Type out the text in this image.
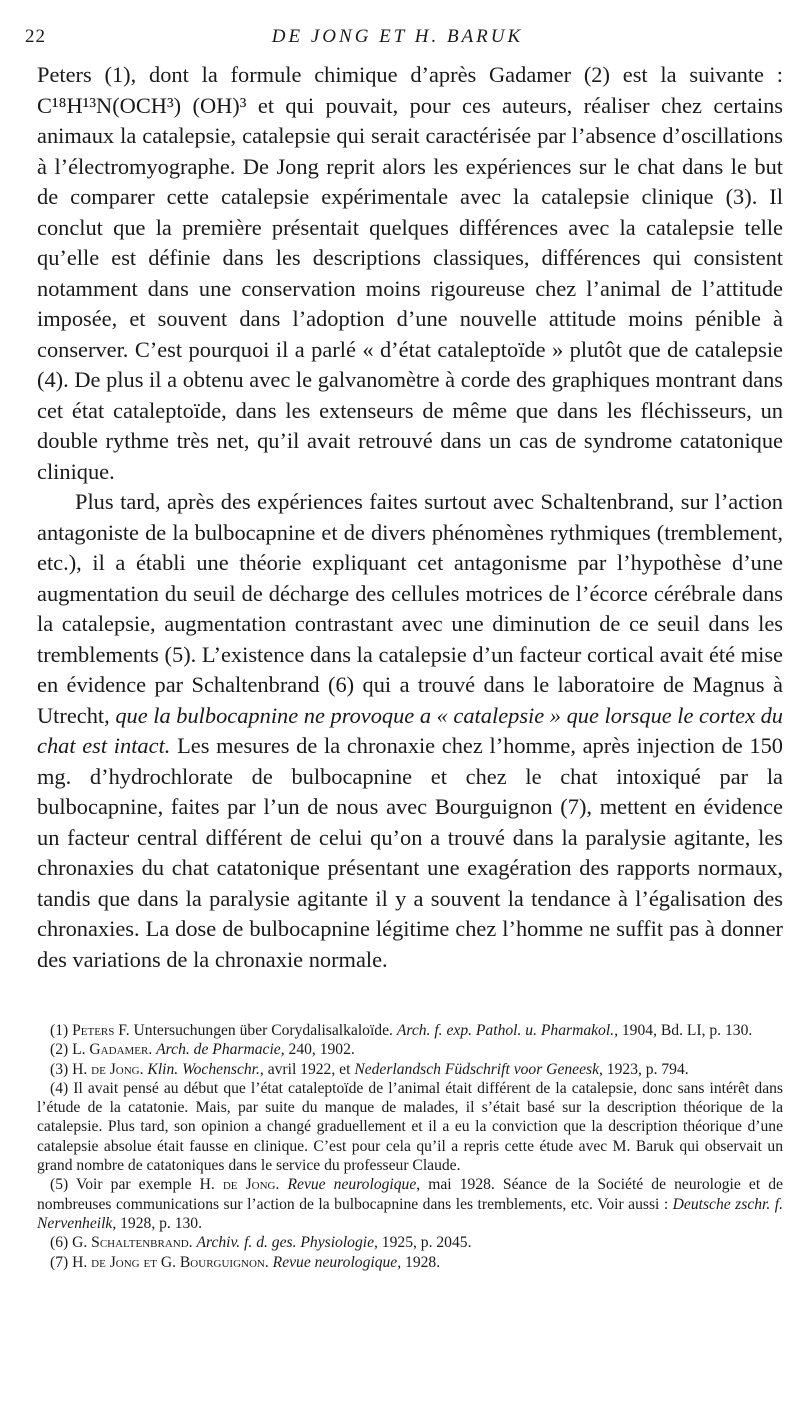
22	DE JONG ET H. BARUK

Peters (1), dont la formule chimique d’après Gadamer (2) est la suivante : C¹⁸H¹³N(OCH³) (OH)³ et qui pouvait, pour ces auteurs, réaliser chez certains animaux la catalepsie, catalepsie qui serait caractérisée par l’absence d’oscillations à l’électromyographe. De Jong reprit alors les expériences sur le chat dans le but de comparer cette catalepsie expérimentale avec la catalepsie clinique (3). Il conclut que la première présentait quelques différences avec la catalepsie telle qu’elle est définie dans les descriptions classiques, différences qui consistent notamment dans une conservation moins rigoureuse chez l’animal de l’attitude imposée, et souvent dans l’adoption d’une nouvelle attitude moins pénible à conserver. C’est pourquoi il a parlé « d’état cataleptoïde » plutôt que de catalepsie (4). De plus il a obtenu avec le galvanomètre à corde des graphiques montrant dans cet état cataleptoïde, dans les extenseurs de même que dans les fléchisseurs, un double rythme très net, qu’il avait retrouvé dans un cas de syndrome catatonique clinique.

Plus tard, après des expériences faites surtout avec Schaltenbrand, sur l’action antagoniste de la bulbocapnine et de divers phénomènes rythmiques (tremblement, etc.), il a établi une théorie expliquant cet antagonisme par l’hypothèse d’une augmentation du seuil de décharge des cellules motrices de l’écorce cérébrale dans la catalepsie, augmentation contrastant avec une diminution de ce seuil dans les tremblements (5). L’existence dans la catalepsie d’un facteur cortical avait été mise en évidence par Schaltenbrand (6) qui a trouvé dans le laboratoire de Magnus à Utrecht, que la bulbocapnine ne provoque a « catalepsie » que lorsque le cortex du chat est intact. Les mesures de la chronaxie chez l’homme, après injection de 150 mg. d’hydrochlorate de bulbocapnine et chez le chat intoxiqué par la bulbocapnine, faites par l’un de nous avec Bourguignon (7), mettent en évidence un facteur central différent de celui qu’on a trouvé dans la paralysie agitante, les chronaxies du chat catatonique présentant une exagération des rapports normaux, tandis que dans la paralysie agitante il y a souvent la tendance à l’égalisation des chronaxies. La dose de bulbocapnine légitime chez l’homme ne suffit pas à donner des variations de la chronaxie normale.

(1) Peters F. Untersuchungen über Corydalisalkaloïde. Arch. f. exp. Pathol. u. Pharmakol., 1904, Bd. LI, p. 130.

(2) L. Gadamer. Arch. de Pharmacie, 240, 1902.

(3) H. de Jong. Klin. Wochenschr., avril 1922, et Nederlandsch Füdschrift voor Geneesk, 1923, p. 794.

(4) Il avait pensé au début que l’état cataleptoïde de l’animal était différent de la catalepsie, donc sans intérêt dans l’étude de la catatonie. Mais, par suite du manque de malades, il s’était basé sur la description théorique de la catalepsie. Plus tard, son opinion a changé graduellement et il a eu la conviction que la description théorique d’une catalepsie absolue était fausse en clinique. C’est pour cela qu’il a repris cette étude avec M. Baruk qui observait un grand nombre de catatoniques dans le service du professeur Claude.

(5) Voir par exemple H. de Jong. Revue neurologique, mai 1928. Séance de la Société de neurologie et de nombreuses communications sur l’action de la bulbocapnine dans les tremblements, etc. Voir aussi : Deutsche zschr. f. Nervenheilk, 1928, p. 130.

(6) G. Schaltenbrand. Archiv. f. d. ges. Physiologie, 1925, p. 2045.

(7) H. de Jong et G. Bourguignon. Revue neurologique, 1928.
